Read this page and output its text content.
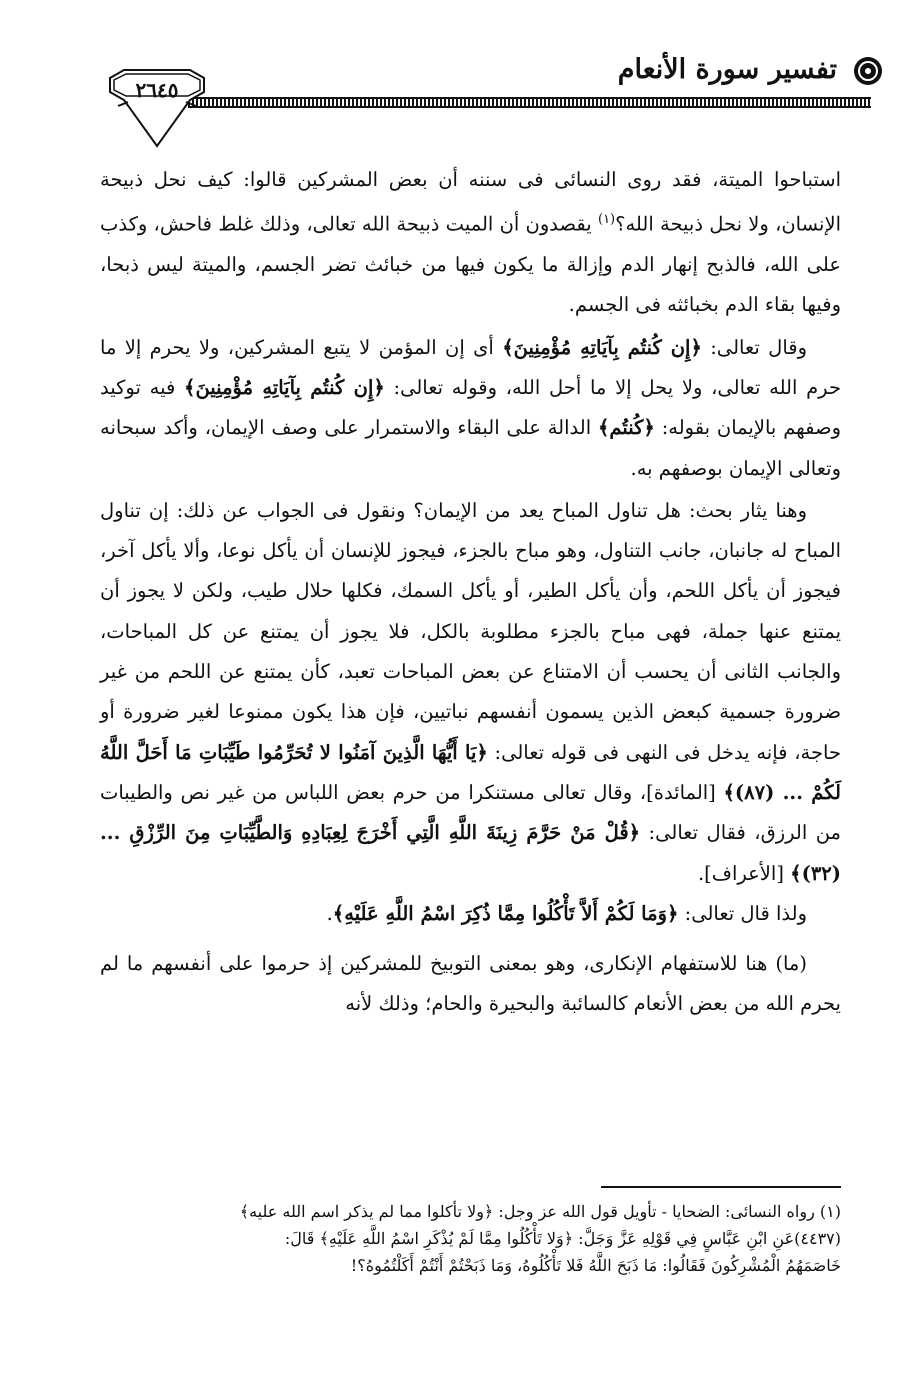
تفسير سورة الأنعام
٢٦٤٥

استباحوا الميتة، فقد روى النسائى فى سننه أن بعض المشركين قالوا: كيف نحل ذبيحة الإنسان، ولا نحل ذبيحة الله؟$^{(١)}$ يقصدون أن الميت ذبيحة الله تعالى، وذلك غلط فاحش، وكذب على الله، فالذبح إنهار الدم وإزالة ما يكون فيها من خبائث تضر الجسم، والميتة ليس ذبحا، وفيها بقاء الدم بخبائثه فى الجسم.

وقال تعالى: ﴿إِن كُنتُم بِآيَاتِهِ مُؤْمِنِينَ﴾ أى إن المؤمن لا يتبع المشركين، ولا يحرم إلا ما حرم الله تعالى، ولا يحل إلا ما أحل الله، وقوله تعالى: ﴿إِن كُنتُم بِآيَاتِهِ مُؤْمِنِينَ﴾ فيه توكيد وصفهم بالإيمان بقوله: ﴿كُنتُم﴾ الدالة على البقاء والاستمرار على وصف الإيمان، وأكد سبحانه وتعالى الإيمان بوصفهم به.

وهنا يثار بحث: هل تناول المباح يعد من الإيمان؟ ونقول فى الجواب عن ذلك: إن تناول المباح له جانبان، جانب التناول، وهو مباح بالجزء، فيجوز للإنسان أن يأكل نوعا، وألا يأكل آخر، فيجوز أن يأكل اللحم، وأن يأكل الطير، أو يأكل السمك، فكلها حلال طيب، ولكن لا يجوز أن يمتنع عنها جملة، فهى مباح بالجزء مطلوبة بالكل، فلا يجوز أن يمتنع عن كل المباحات، والجانب الثانى أن يحسب أن الامتناع عن بعض المباحات تعبد، كأن يمتنع عن اللحم من غير ضرورة جسمية كبعض الذين يسمون أنفسهم نباتيين، فإن هذا يكون ممنوعا لغير ضرورة أو حاجة، فإنه يدخل فى النهى فى قوله تعالى: ﴿يَا أَيُّهَا الَّذِينَ آمَنُوا لا تُحَرِّمُوا طَيِّبَاتِ مَا أَحَلَّ اللَّهُ لَكُمْ ... (٨٧)﴾ [المائدة]، وقال تعالى مستنكرا من حرم بعض اللباس من غير نص والطيبات من الرزق، فقال تعالى: ﴿قُلْ مَنْ حَرَّمَ زِينَةَ اللَّهِ الَّتِي أَخْرَجَ لِعِبَادِهِ وَالطَّيِّبَاتِ مِنَ الرِّزْقِ ... (٣٢)﴾ [الأعراف].

ولذا قال تعالى: ﴿وَمَا لَكُمْ أَلاَّ تَأْكُلُوا مِمَّا ذُكِرَ اسْمُ اللَّهِ عَلَيْهِ﴾.

(ما) هنا للاستفهام الإنكارى، وهو بمعنى التوبيخ للمشركين إذ حرموا على أنفسهم ما لم يحرم الله من بعض الأنعام كالسائبة والبحيرة والحام؛ وذلك لأنه

(١) رواه النسائى: الضحايا - تأويل قول الله عز وجل: ﴿ولا تأكلوا مما لم يذكر اسم الله عليه﴾

(٤٤٣٧)عَنِ ابْنِ عَبَّاسٍ فِي قَوْلِهِ عَزَّ وَجَلَّ: ﴿وَلا تَأْكُلُوا مِمَّا لَمْ يُذْكَرِ اسْمُ اللَّهِ عَلَيْهِ﴾ قَالَ:

خَاصَمَهُمُ الْمُشْرِكُونَ فَقَالُوا: مَا ذَبَحَ اللَّهُ فَلا تَأْكُلُوهُ، وَمَا ذَبَحْتُمْ أَنْتُمْ أَكَلْتُمُوهُ؟!
